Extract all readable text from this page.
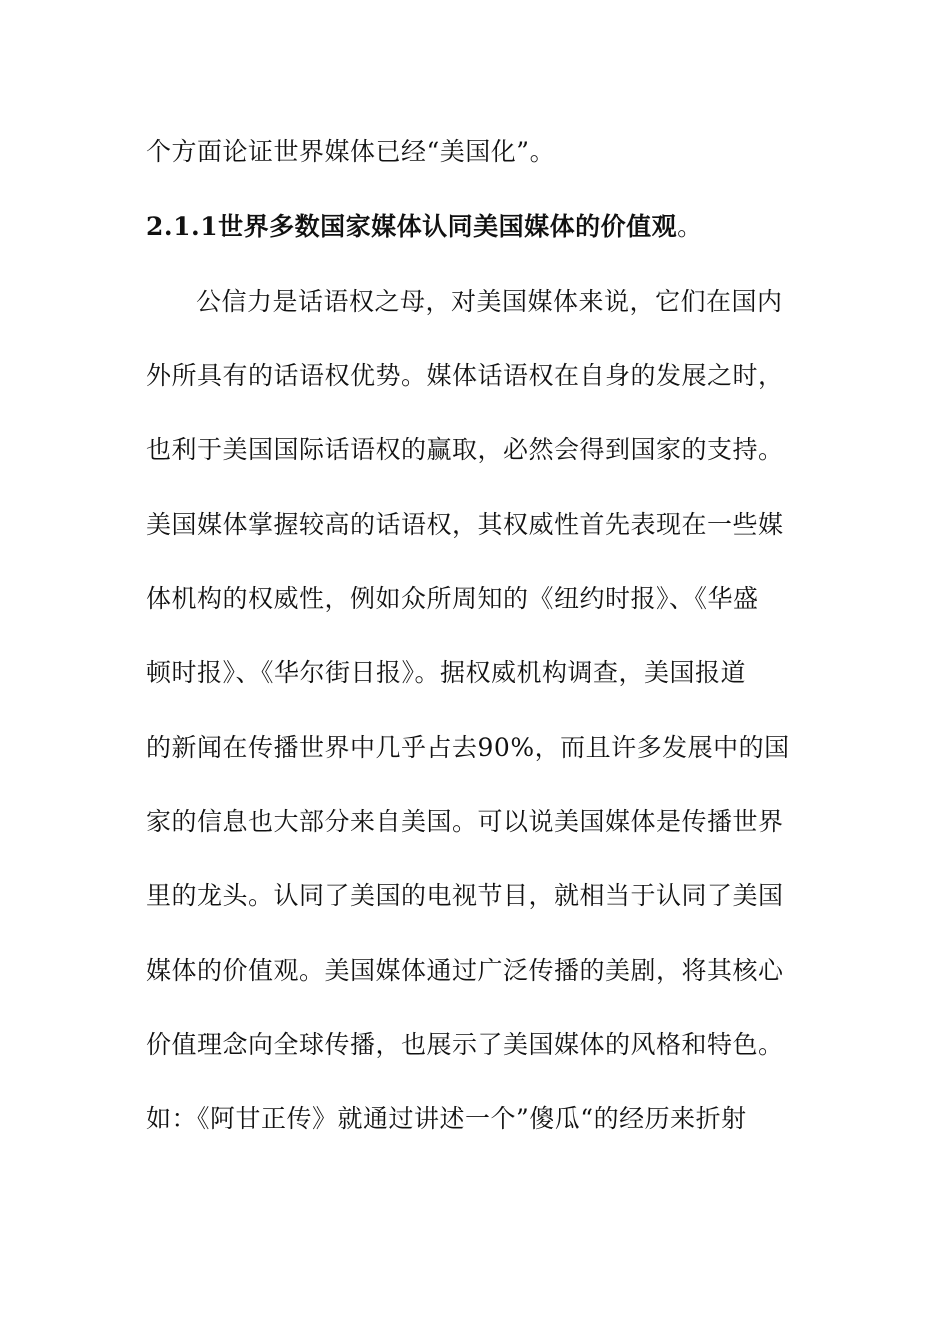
个方面论证世界媒体已经“美国化”。
2.1.1世界多数国家媒体认同美国媒体的价值观。
公信力是话语权之母，对美国媒体来说，它们在国内
外所具有的话语权优势。媒体话语权在自身的发展之时，
也利于美国国际话语权的赢取，必然会得到国家的支持。
美国媒体掌握较高的话语权，其权威性首先表现在一些媒
体机构的权威性，例如众所周知的《纽约时报》、《华盛
顿时报》、《华尔街日报》。据权威机构调查，美国报道
的新闻在传播世界中几乎占去90%，而且许多发展中的国
家的信息也大部分来自美国。可以说美国媒体是传播世界
里的龙头。认同了美国的电视节目，就相当于认同了美国
媒体的价值观。美国媒体通过广泛传播的美剧，将其核心
价值理念向全球传播，也展示了美国媒体的风格和特色。
如：《阿甘正传》就通过讲述一个”傻瓜“的经历来折射
